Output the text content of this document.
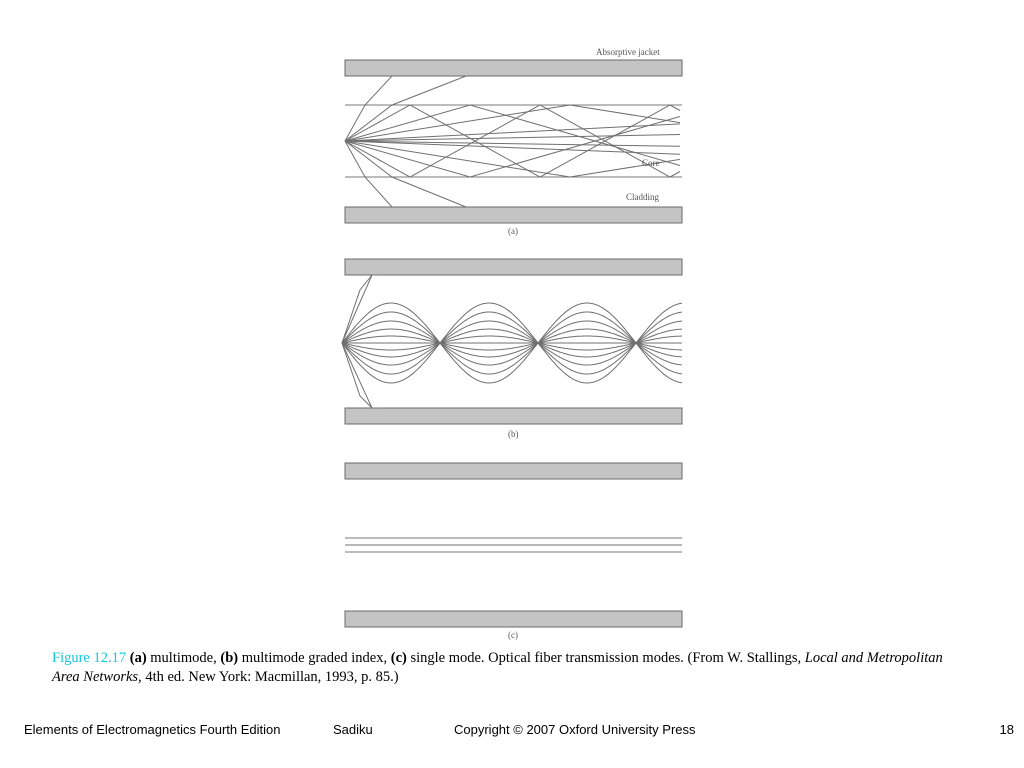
Absorptive jacket
Core
Cladding
(a)
(b)
(c)
Figure 12.17 (a) multimode, (b) multimode graded index, (c) single mode. Optical fiber transmission modes. (From W. Stallings, Local and Metropolitan Area Networks, 4th ed. New York: Macmillan, 1993, p. 85.)
Elements of Electromagnetics Fourth Edition	Sadiku	Copyright © 2007 Oxford University Press	18
